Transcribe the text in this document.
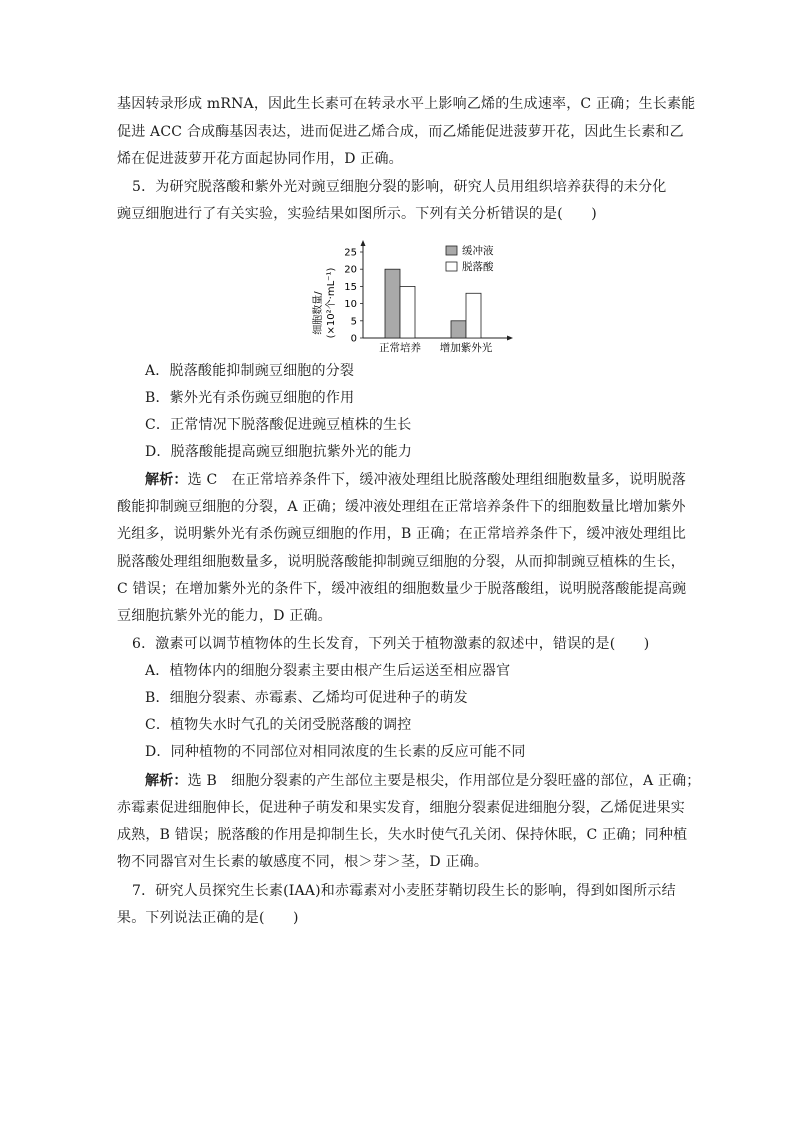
基因转录形成 mRNA，因此生长素可在转录水平上影响乙烯的生成速率，C 正确；生长素能
促进 ACC 合成酶基因表达，进而促进乙烯合成，而乙烯能促进菠萝开花，因此生长素和乙
烯在促进菠萝开花方面起协同作用，D 正确。
5．为研究脱落酸和紫外光对豌豆细胞分裂的影响，研究人员用组织培养获得的未分化
豌豆细胞进行了有关实验，实验结果如图所示。下列有关分析错误的是(　　)
细胞数量/ (×10²个·mL⁻¹)
0
5
10
15
20
25
正常培养 增加紫外光
缓冲液
脱落酸
A．脱落酸能抑制豌豆细胞的分裂
B．紫外光有杀伤豌豆细胞的作用
C．正常情况下脱落酸促进豌豆植株的生长
D．脱落酸能提高豌豆细胞抗紫外光的能力
解析：选 C　在正常培养条件下，缓冲液处理组比脱落酸处理组细胞数量多，说明脱落
酸能抑制豌豆细胞的分裂，A 正确；缓冲液处理组在正常培养条件下的细胞数量比增加紫外
光组多，说明紫外光有杀伤豌豆细胞的作用，B 正确；在正常培养条件下，缓冲液处理组比
脱落酸处理组细胞数量多，说明脱落酸能抑制豌豆细胞的分裂，从而抑制豌豆植株的生长，
C 错误；在增加紫外光的条件下，缓冲液组的细胞数量少于脱落酸组，说明脱落酸能提高豌
豆细胞抗紫外光的能力，D 正确。
6．激素可以调节植物体的生长发育，下列关于植物激素的叙述中，错误的是(　　)
A．植物体内的细胞分裂素主要由根产生后运送至相应器官
B．细胞分裂素、赤霉素、乙烯均可促进种子的萌发
C．植物失水时气孔的关闭受脱落酸的调控
D．同种植物的不同部位对相同浓度的生长素的反应可能不同
解析：选 B　细胞分裂素的产生部位主要是根尖，作用部位是分裂旺盛的部位，A 正确；
赤霉素促进细胞伸长，促进种子萌发和果实发育，细胞分裂素促进细胞分裂，乙烯促进果实
成熟，B 错误；脱落酸的作用是抑制生长，失水时使气孔关闭、保持休眠，C 正确；同种植
物不同器官对生长素的敏感度不同，根＞芽＞茎，D 正确。
7．研究人员探究生长素(IAA)和赤霉素对小麦胚芽鞘切段生长的影响，得到如图所示结
果。下列说法正确的是(　　)
